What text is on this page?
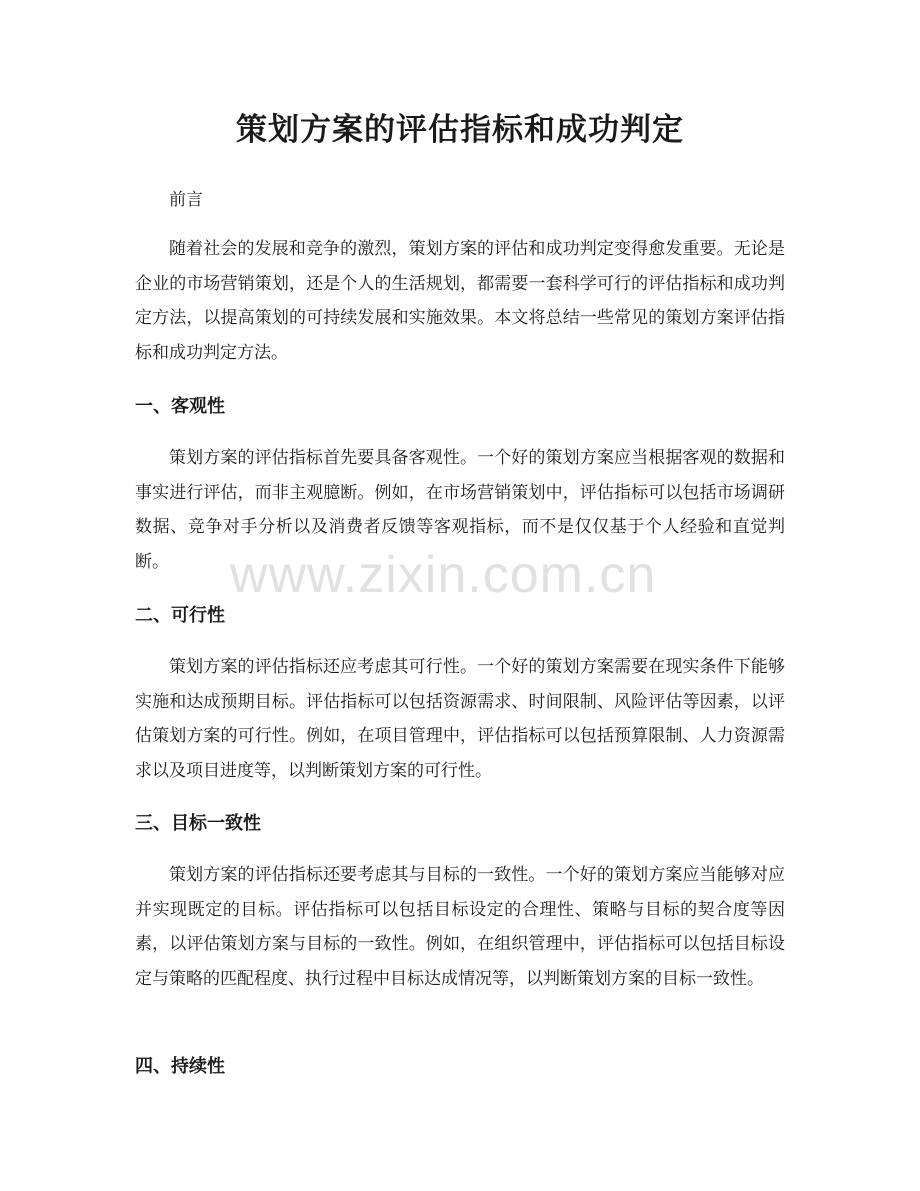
策划方案的评估指标和成功判定

前言

随着社会的发展和竞争的激烈，策划方案的评估和成功判定变得愈发重要。无论是企业的市场营销策划，还是个人的生活规划，都需要一套科学可行的评估指标和成功判定方法，以提高策划的可持续发展和实施效果。本文将总结一些常见的策划方案评估指标和成功判定方法。

一、客观性

策划方案的评估指标首先要具备客观性。一个好的策划方案应当根据客观的数据和事实进行评估，而非主观臆断。例如，在市场营销策划中，评估指标可以包括市场调研数据、竞争对手分析以及消费者反馈等客观指标，而不是仅仅基于个人经验和直觉判断。

二、可行性

策划方案的评估指标还应考虑其可行性。一个好的策划方案需要在现实条件下能够实施和达成预期目标。评估指标可以包括资源需求、时间限制、风险评估等因素，以评估策划方案的可行性。例如，在项目管理中，评估指标可以包括预算限制、人力资源需求以及项目进度等，以判断策划方案的可行性。

三、目标一致性

策划方案的评估指标还要考虑其与目标的一致性。一个好的策划方案应当能够对应并实现既定的目标。评估指标可以包括目标设定的合理性、策略与目标的契合度等因素，以评估策划方案与目标的一致性。例如，在组织管理中，评估指标可以包括目标设定与策略的匹配程度、执行过程中目标达成情况等，以判断策划方案的目标一致性。

四、持续性
www.zixin.com.cn
